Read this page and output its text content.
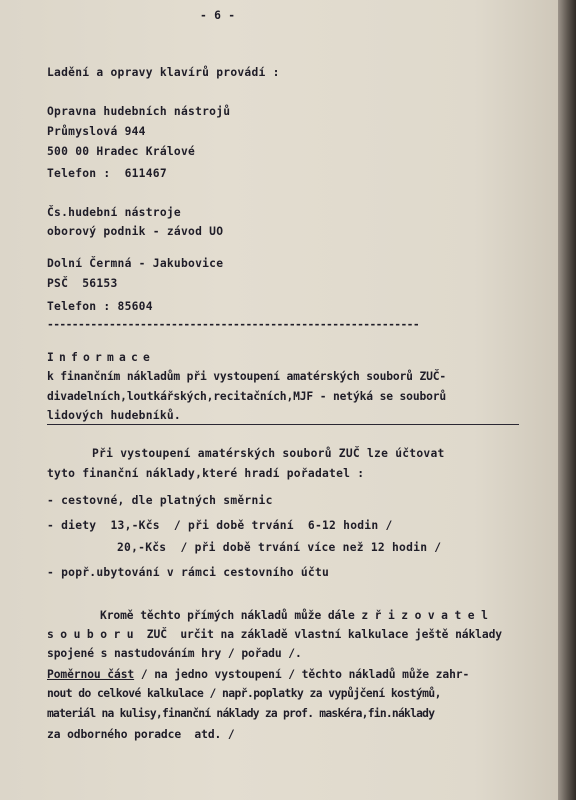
- 6 -
Ladění a opravy klavírů provádí :
Opravna hudebních nástrojů
Průmyslová 944
500 00 Hradec Králové
Telefon :  611467
Čs.hudební nástroje
oborový podnik - závod UO
Dolní Čermná - Jakubovice
PSČ  56153
Telefon : 85604
------------------------------------------------------------
Informace
k finančním nákladům při vystoupení amatérských souborů ZUČ-
divadelních,loutkářských,recitačních,MJF - netýká se souborů
lidových hudebníků.
Při vystoupení amatérských souborů ZUČ lze účtovat
tyto finanční náklady,které hradí pořadatel :
- cestovné, dle platných směrnic
- diety  13,-Kčs  / při době trvání  6-12 hodin /
20,-Kčs  / při době trvání více než 12 hodin /
- popř.ubytování v rámci cestovního účtu
Kromě těchto přímých nákladů může dále zřizovatel
souboru ZUČ  určit na základě vlastní kalkulace ještě náklady
spojené s nastudováním hry / pořadu /.
Poměrnou část / na jedno vystoupení / těchto nákladů může zahr-
nout do celkové kalkulace / např.poplatky za vypůjčení kostýmů,
materiál na kulisy,finanční náklady za prof. maskéra,fin.náklady
za odborného poradce  atd. /
